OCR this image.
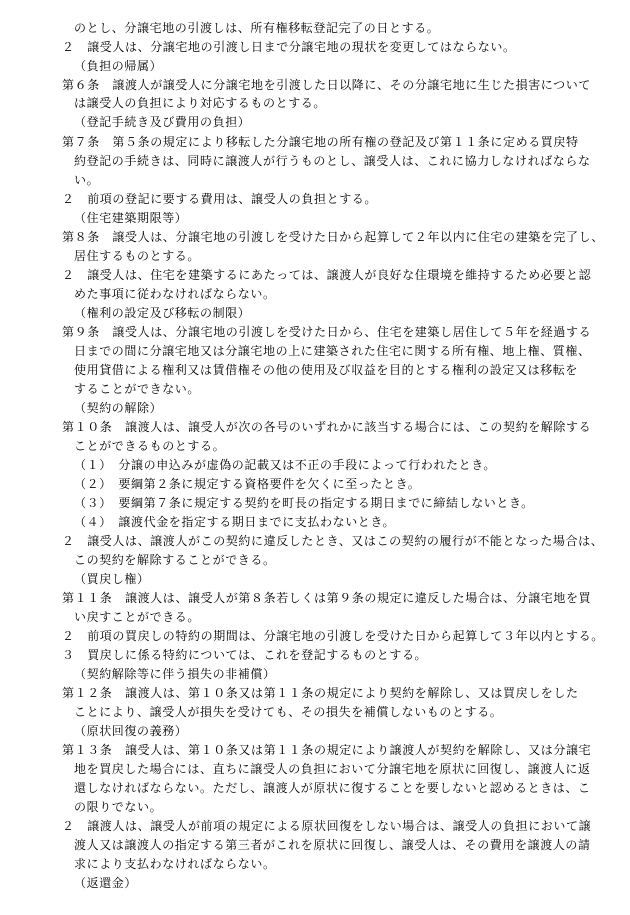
のとし、分譲宅地の引渡しは、所有権移転登記完了の日とする。

２　譲受人は、分譲宅地の引渡し日まで分譲宅地の現状を変更してはならない。

（負担の帰属）

第６条　譲渡人が譲受人に分譲宅地を引渡した日以降に、その分譲宅地に生じた損害について

は譲受人の負担により対応するものとする。

（登記手続き及び費用の負担）

第７条　第５条の規定により移転した分譲宅地の所有権の登記及び第１１条に定める買戻特

約登記の手続きは、同時に譲渡人が行うものとし、譲受人は、これに協力しなければならな

い。

２　前項の登記に要する費用は、譲受人の負担とする。

（住宅建築期限等）

第８条　譲受人は、分譲宅地の引渡しを受けた日から起算して２年以内に住宅の建築を完了し、

居住するものとする。

２　譲受人は、住宅を建築するにあたっては、譲渡人が良好な住環境を維持するため必要と認

めた事項に従わなければならない。

（権利の設定及び移転の制限）

第９条　譲受人は、分譲宅地の引渡しを受けた日から、住宅を建築し居住して５年を経過する

日までの間に分譲宅地又は分譲宅地の上に建築された住宅に関する所有権、地上権、質権、

使用貸借による権利又は賃借権その他の使用及び収益を目的とする権利の設定又は移転を

することができない。

（契約の解除）

第１０条　譲渡人は、譲受人が次の各号のいずれかに該当する場合には、この契約を解除する

ことができるものとする。

（１）　分譲の申込みが虚偽の記載又は不正の手段によって行われたとき。

（２）　要綱第２条に規定する資格要件を欠くに至ったとき。

（３）　要綱第７条に規定する契約を町長の指定する期日までに締結しないとき。

（４）　譲渡代金を指定する期日までに支払わないとき。

２　譲受人は、譲渡人がこの契約に違反したとき、又はこの契約の履行が不能となった場合は、

この契約を解除することができる。

（買戻し権）

第１１条　譲渡人は、譲受人が第８条若しくは第９条の規定に違反した場合は、分譲宅地を買

い戻すことができる。

２　前項の買戻しの特約の期間は、分譲宅地の引渡しを受けた日から起算して３年以内とする。

３　買戻しに係る特約については、これを登記するものとする。

（契約解除等に伴う損失の非補償）

第１２条　譲渡人は、第１０条又は第１１条の規定により契約を解除し、又は買戻しをした

ことにより、譲受人が損失を受けても、その損失を補償しないものとする。

（原状回復の義務）

第１３条　譲受人は、第１０条又は第１１条の規定により譲渡人が契約を解除し、又は分譲宅

地を買戻した場合には、直ちに譲受人の負担において分譲宅地を原状に回復し、譲渡人に返

還しなければならない。ただし、譲渡人が原状に復することを要しないと認めるときは、こ

の限りでない。

２　譲渡人は、譲受人が前項の規定による原状回復をしない場合は、譲受人の負担において譲

渡人又は譲渡人の指定する第三者がこれを原状に回復し、譲受人は、その費用を譲渡人の請

求により支払わなければならない。

（返還金）
